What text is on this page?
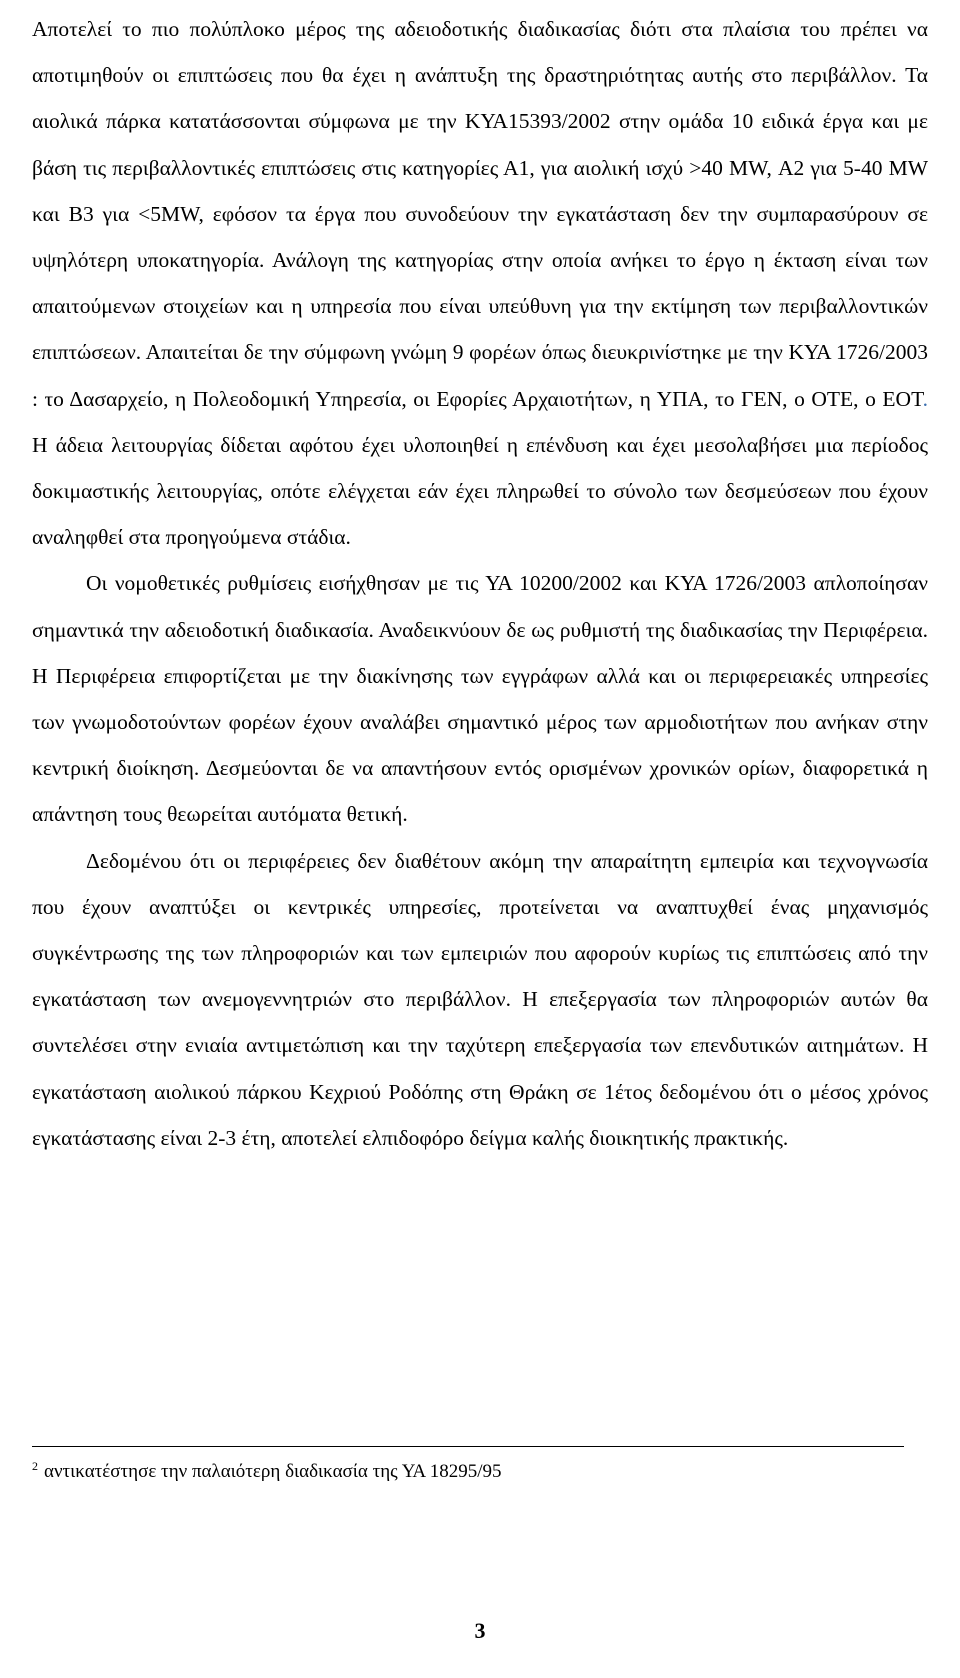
Αποτελεί το πιο πολύπλοκο μέρος της αδειοδοτικής διαδικασίας διότι στα πλαίσια του πρέπει να αποτιμηθούν οι επιπτώσεις που θα έχει η ανάπτυξη της δραστηριότητας αυτής στο περιβάλλον. Τα αιολικά πάρκα κατατάσσονται σύμφωνα με την ΚΥΑ15393/2002 στην ομάδα 10 ειδικά έργα και με βάση τις περιβαλλοντικές επιπτώσεις στις κατηγορίες Α1, για αιολική ισχύ >40 MW, Α2 για 5-40 MW και Β3 για <5MW, εφόσον τα έργα που συνοδεύουν την εγκατάσταση δεν την συμπαρασύρουν σε υψηλότερη υποκατηγορία. Ανάλογη της κατηγορίας στην οποία ανήκει το έργο η έκταση είναι των απαιτούμενων στοιχείων και η υπηρεσία που είναι υπεύθυνη για την εκτίμηση των περιβαλλοντικών επιπτώσεων. Απαιτείται δε την σύμφωνη γνώμη 9 φορέων όπως διευκρινίστηκε με την ΚΥΑ 1726/2003 : το Δασαρχείο, η Πολεοδομική Υπηρεσία, οι Εφορίες Αρχαιοτήτων, η ΥΠΑ, το ΓΕΝ, ο ΟΤΕ, ο ΕΟΤ. Η άδεια λειτουργίας δίδεται αφότου έχει υλοποιηθεί η επένδυση και έχει μεσολαβήσει μια περίοδος δοκιμαστικής λειτουργίας, οπότε ελέγχεται εάν έχει πληρωθεί το σύνολο των δεσμεύσεων που έχουν αναληφθεί στα προηγούμενα στάδια.

Οι νομοθετικές ρυθμίσεις εισήχθησαν με τις ΥΑ 10200/2002 και ΚΥΑ 1726/2003 απλοποίησαν σημαντικά την αδειοδοτική διαδικασία. Αναδεικνύουν δε ως ρυθμιστή της διαδικασίας την Περιφέρεια. Η Περιφέρεια επιφορτίζεται με την διακίνησης των εγγράφων αλλά και οι περιφερειακές υπηρεσίες των γνωμοδοτούντων φορέων έχουν αναλάβει σημαντικό μέρος των αρμοδιοτήτων που ανήκαν στην κεντρική διοίκηση. Δεσμεύονται δε να απαντήσουν εντός ορισμένων χρονικών ορίων, διαφορετικά η απάντηση τους θεωρείται αυτόματα θετική.

Δεδομένου ότι οι περιφέρειες δεν διαθέτουν ακόμη την απαραίτητη εμπειρία και τεχνογνωσία που έχουν αναπτύξει οι κεντρικές υπηρεσίες, προτείνεται να αναπτυχθεί ένας μηχανισμός συγκέντρωσης της των πληροφοριών και των εμπειριών που αφορούν κυρίως τις επιπτώσεις από την εγκατάσταση των ανεμογεννητριών στο περιβάλλον. Η επεξεργασία των πληροφοριών αυτών θα συντελέσει στην ενιαία αντιμετώπιση και την ταχύτερη επεξεργασία των επενδυτικών αιτημάτων. Η εγκατάσταση αιολικού πάρκου Κεχριού Ροδόπης στη Θράκη σε 1έτος δεδομένου ότι ο μέσος χρόνος εγκατάστασης είναι 2-3 έτη, αποτελεί ελπιδοφόρο δείγμα καλής διοικητικής πρακτικής.

$^2$ αντικατέστησε την παλαιότερη διαδικασία της ΥΑ 18295/95

3
